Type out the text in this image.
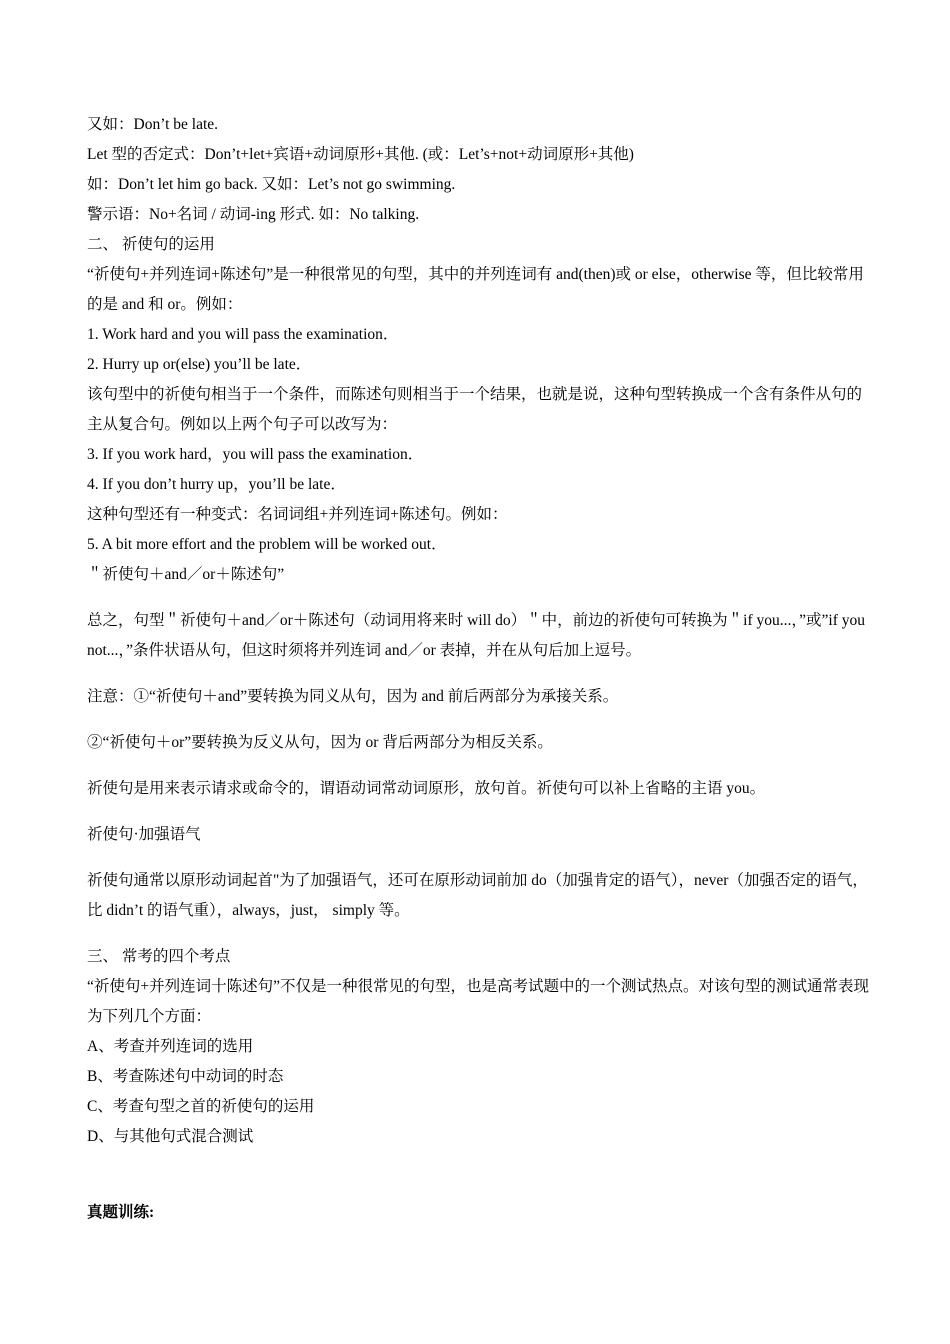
又如：Don’t be late.
Let 型的否定式：Don’t+let+宾语+动词原形+其他. (或：Let’s+not+动词原形+其他)
如：Don’t let him go back. 又如：Let’s not go swimming.
警示语：No+名词 / 动词-ing 形式. 如：No talking.
二、 祈使句的运用
“祈使句+并列连词+陈述句”是一种很常见的句型，其中的并列连词有 and(then)或 or else，otherwise 等，但比较常用的是 and 和 or。例如：
1. Work hard and you will pass the examination．
2. Hurry up or(else) you’ll be late．
该句型中的祈使句相当于一个条件，而陈述句则相当于一个结果，也就是说，这种句型转换成一个含有条件从句的主从复合句。例如以上两个句子可以改写为：
3. If you work hard，you will pass the examination．
4. If you don’t hurry up，you’ll be late．
这种句型还有一种变式：名词词组+并列连词+陈述句。例如：
5. A bit more effort and the problem will be worked out．
＂祈使句＋and／or＋陈述句”
总之，句型＂祈使句＋and／or＋陈述句（动词用将来时 will do）＂中，前边的祈使句可转换为＂if you...，”或”if you not...，”条件状语从句，但这时须将并列连词 and／or 表掉，并在从句后加上逗号。
注意：①“祈使句＋and”要转换为同义从句，因为 and 前后两部分为承接关系。
②“祈使句＋or”要转换为反义从句，因为 or 背后两部分为相反关系。
祈使句是用来表示请求或命令的，谓语动词常动词原形，放句首。祈使句可以补上省略的主语 you。
祈使句·加强语气
祈使句通常以原形动词起首"为了加强语气，还可在原形动词前加 do（加强肯定的语气），never（加强否定的语气，比 didn’t 的语气重），always，just， simply 等。
三、 常考的四个考点
“祈使句+并列连词十陈述句”不仅是一种很常见的句型，也是高考试题中的一个测试热点。对该句型的测试通常表现为下列几个方面：
A、考查并列连词的选用
B、考查陈述句中动词的时态
C、考查句型之首的祈使句的运用
D、与其他句式混合测试
真题训练:
